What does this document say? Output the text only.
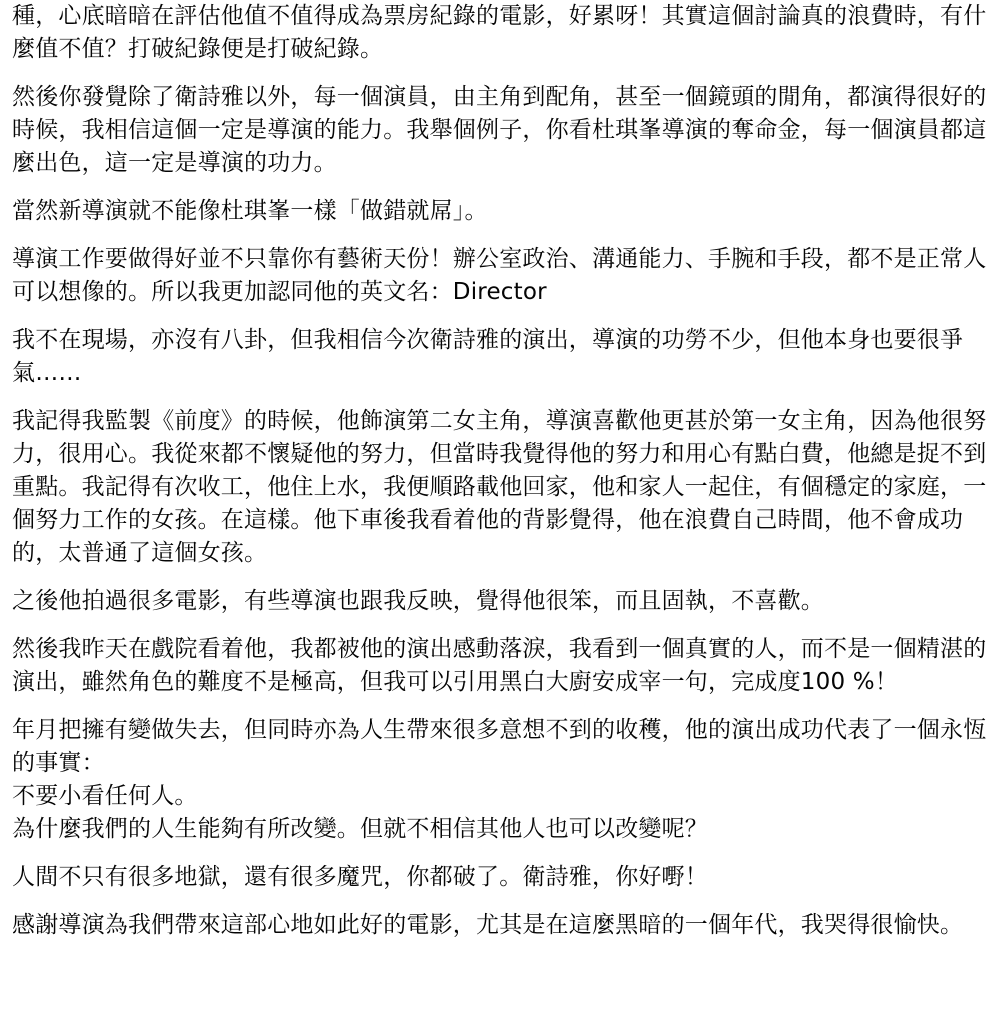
種，心底暗暗在評估他值不值得成為票房紀錄的電影，好累呀！其實這個討論真的浪費時，有什麼值不值？打破紀錄便是打破紀錄。

然後你發覺除了衛詩雅以外，每一個演員，由主角到配角，甚至一個鏡頭的閒角，都演得很好的時候，我相信這個一定是導演的能力。我舉個例子，你看杜琪峯導演的奪命金，每一個演員都這麼出色，這一定是導演的功力。

當然新導演就不能像杜琪峯一樣「做錯就屌」。

導演工作要做得好並不只靠你有藝術天份！辦公室政治、溝通能力、手腕和手段，都不是正常人可以想像的。所以我更加認同他的英文名：Director

我不在現場，亦沒有八卦，但我相信今次衛詩雅的演出，導演的功勞不少，但他本身也要很爭氣……

我記得我監製《前度》的時候，他飾演第二女主角，導演喜歡他更甚於第一女主角，因為他很努力，很用心。我從來都不懷疑他的努力，但當時我覺得他的努力和用心有點白費，他總是捉不到重點。我記得有次收工，他住上水，我便順路載他回家，他和家人一起住，有個穩定的家庭，一個努力工作的女孩。在這樣。他下車後我看着他的背影覺得，他在浪費自己時間，他不會成功的，太普通了這個女孩。

之後他拍過很多電影，有些導演也跟我反映，覺得他很笨，而且固執，不喜歡。

然後我昨天在戲院看着他，我都被他的演出感動落淚，我看到一個真實的人，而不是一個精湛的演出，雖然角色的難度不是極高，但我可以引用黑白大廚安成宰一句，完成度100 %！

年月把擁有變做失去，但同時亦為人生帶來很多意想不到的收穫，他的演出成功代表了一個永恆的事實：
不要小看任何人。
為什麼我們的人生能夠有所改變。但就不相信其他人也可以改變呢？

人間不只有很多地獄，還有很多魔咒，你都破了。衛詩雅，你好嘢！

感謝導演為我們帶來這部心地如此好的電影，尤其是在這麼黑暗的一個年代，我哭得很愉快。
